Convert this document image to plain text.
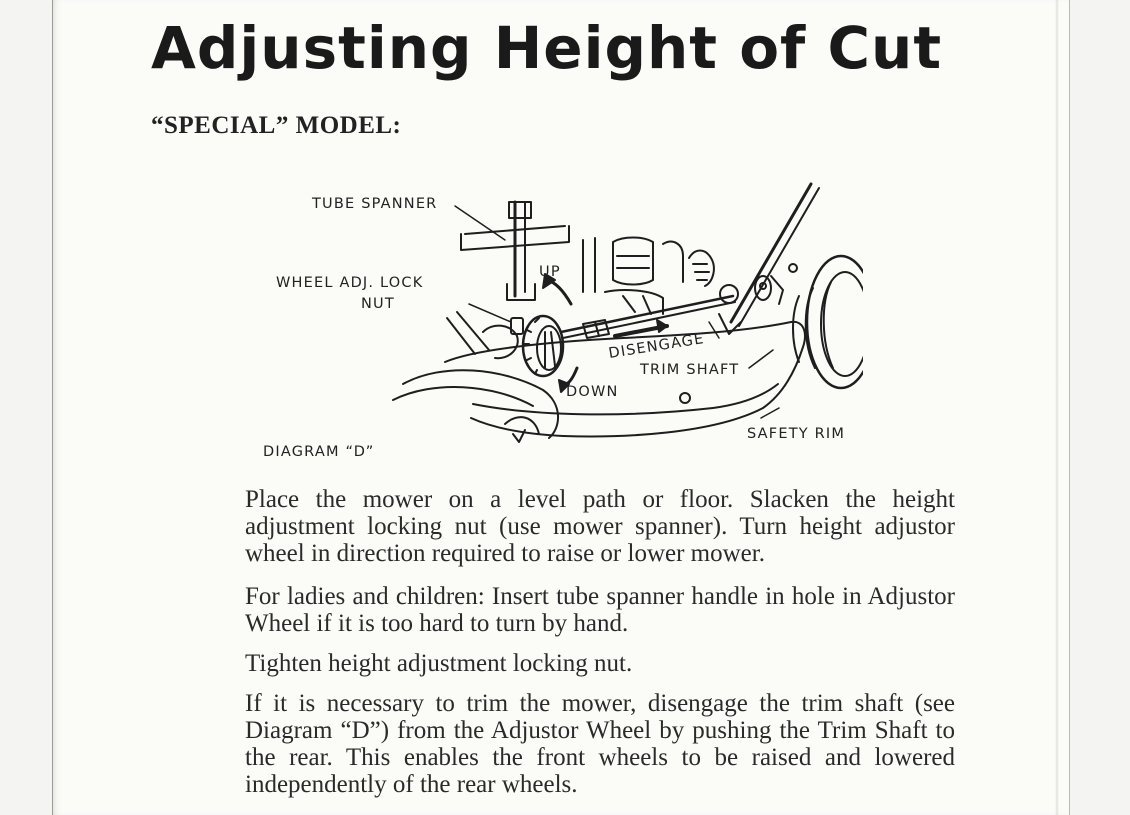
Adjusting Height of Cut
“SPECIAL” MODEL:

TUBE SPANNER

WHEEL ADJ. LOCK

NUT

UP

DOWN

DISENGAGE

TRIM SHAFT

SAFETY RIM

DIAGRAM “D”

Place the mower on a level path or floor. Slacken the height adjustment locking nut (use mower spanner). Turn height adjustor wheel in direction required to raise or lower mower.

For ladies and children: Insert tube spanner handle in hole in Adjustor Wheel if it is too hard to turn by hand.

Tighten height adjustment locking nut.

If it is necessary to trim the mower, disengage the trim shaft (see Diagram “D”) from the Adjustor Wheel by pushing the Trim Shaft to the rear. This enables the front wheels to be raised and lowered independently of the rear wheels.
